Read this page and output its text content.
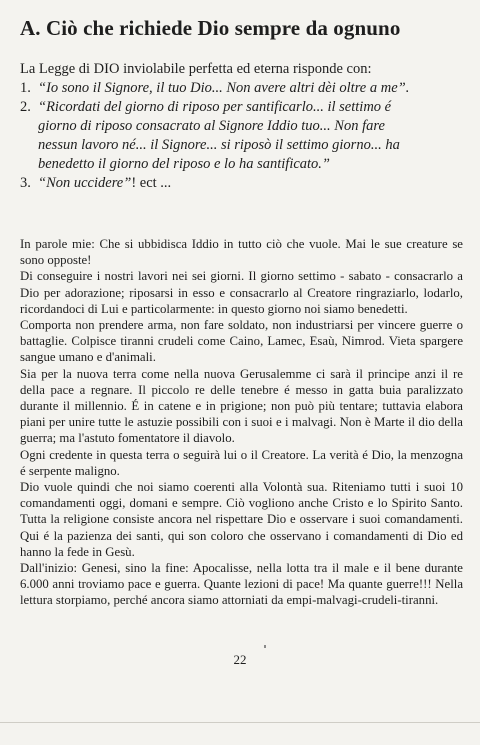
A. Ciò che richiede Dio sempre da ognuno
La Legge di DIO inviolabile perfetta ed eterna risponde con:
1. “Io sono il Signore, il tuo Dio... Non avere altri dèi oltre a me”.
2. “Ricordati del giorno di riposo per santificarlo... il settimo é
giorno di riposo consacrato al Signore Iddio tuo... Non fare
nessun lavoro né... il Signore... si riposò il settimo giorno... ha
benedetto il giorno del riposo e lo ha santificato.”
3. “Non uccidere”! ect ...

In parole mie: Che si ubbidisca Iddio in tutto ciò che vuole. Mai le sue creature se sono opposte!

Di conseguire i nostri lavori nei sei giorni. Il giorno settimo - sabato - consacrarlo a Dio per adorazione; riposarsi in esso e consacrarlo al Creatore ringraziarlo, lodarlo, ricordandoci di Lui e particolarmente: in questo giorno noi siamo benedetti.

Comporta non prendere arma, non fare soldato, non industriarsi per vincere guerre o battaglie. Colpisce tiranni crudeli come Caino, Lamec, Esaù, Nimrod. Vieta spargere sangue umano e d'animali.

Sia per la nuova terra come nella nuova Gerusalemme ci sarà il principe anzi il re della pace a regnare. Il piccolo re delle tenebre é messo in gatta buia paralizzato durante il millennio. É in catene e in prigione; non può più tentare; tuttavia elabora piani per unire tutte le astuzie possibili con i suoi e i malvagi. Non è Marte il dio della guerra; ma l'astuto fomentatore il diavolo.

Ogni credente in questa terra o seguirà lui o il Creatore. La verità é Dio, la menzogna é serpente maligno.

Dio vuole quindi che noi siamo coerenti alla Volontà sua. Riteniamo tutti i suoi 10 comandamenti oggi, domani e sempre. Ciò vogliono anche Cristo e lo Spirito Santo. Tutta la religione consiste ancora nel rispettare Dio e osservare i suoi comandamenti. Qui é la pazienza dei santi, qui son coloro che osservano i comandamenti di Dio ed hanno la fede in Gesù.

Dall'inizio: Genesi, sino la fine: Apocalisse, nella lotta tra il male e il bene durante 6.000 anni troviamo pace e guerra. Quante lezioni di pace! Ma quante guerre!!! Nella lettura storpiamo, perché ancora siamo attorniati da empi-malvagi-crudeli-tiranni.

22
